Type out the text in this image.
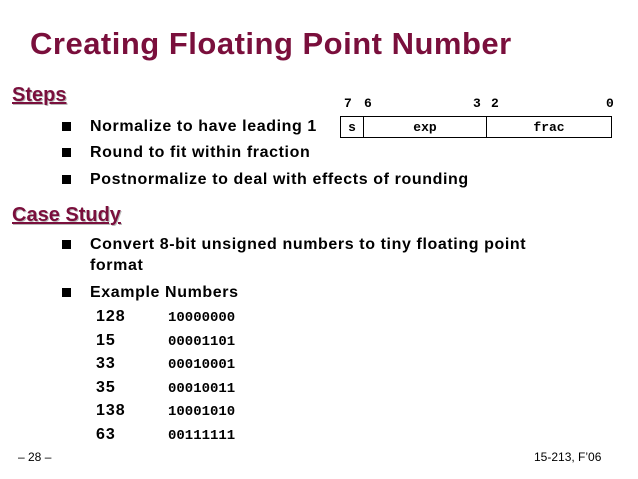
Creating Floating Point Number
Steps
Normalize to have leading 1
Round to fit within fraction
Postnormalize to deal with effects of rounding
7 6	3 2	0
s	exp	frac
Case Study
Convert 8-bit unsigned numbers to tiny floating point
format
Example Numbers
128	10000000
15	00001101
33	00010001
35	00010011
138	10001010
63	00111111
– 28 –	15-213, F’06
